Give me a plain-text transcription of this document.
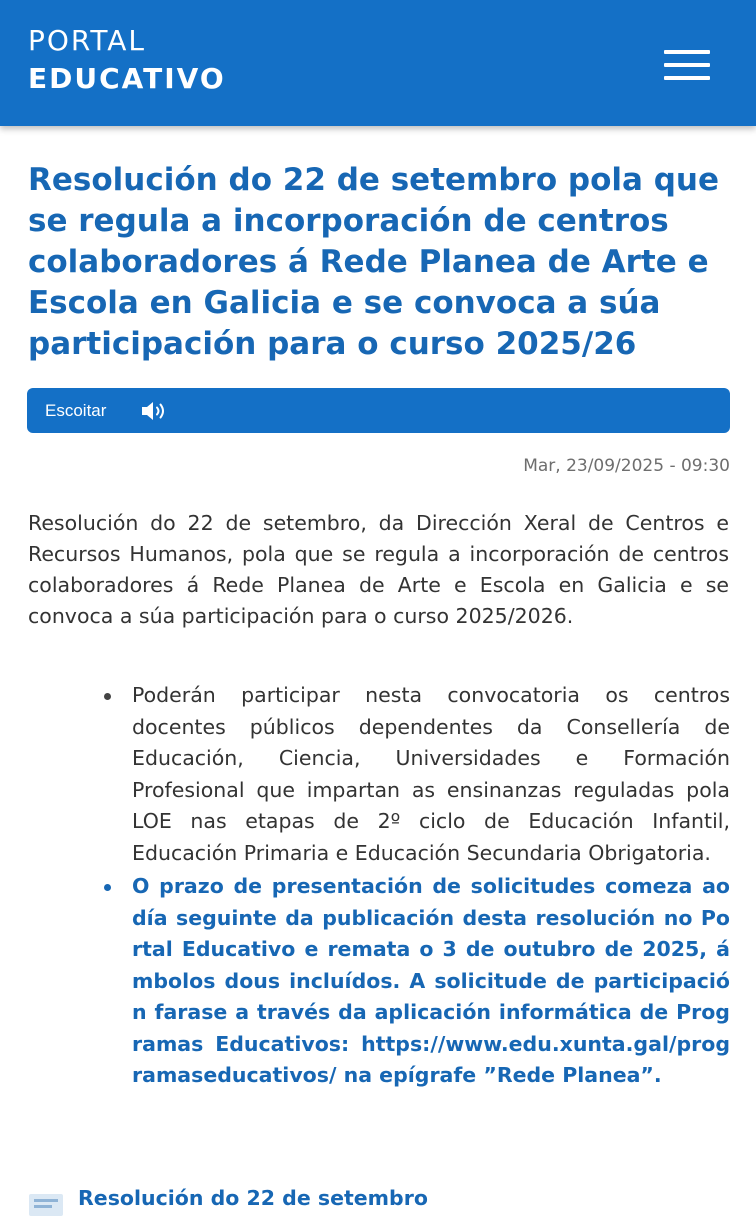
PORTAL
EDUCATIVO
Resolución do 22 de setembro pola que se regula a incorporación de centros colaboradores á Rede Planea de Arte e Escola en Galicia e se convoca a súa participación para o curso 2025/26
Escoitar
Mar, 23/09/2025 - 09:30

Resolución do 22 de setembro, da Dirección Xeral de Centros e Recursos Humanos, pola que se regula a incorporación de centros colaboradores á Rede Planea de Arte e Escola en Galicia e se convoca a súa participación para o curso 2025/2026.

Poderán participar nesta convocatoria os centros docentes públicos dependentes da Consellería de Educación, Ciencia, Universidades e Formación Profesional que impartan as ensinanzas reguladas pola LOE nas etapas de 2º ciclo de Educación Infantil, Educación Primaria e Educación Secundaria Obrigatoria.
O prazo de presentación de solicitudes comeza ao día seguinte da publicación desta resolución no Portal Educativo e remata o 3 de outubro de 2025, ámbolos dous incluídos. A solicitude de participación farase a través da aplicación informática de Programas Educativos: https://www.edu.xunta.gal/programaseducativos/ na epígrafe ”Rede Planea”.
Resolución do 22 de setembro
